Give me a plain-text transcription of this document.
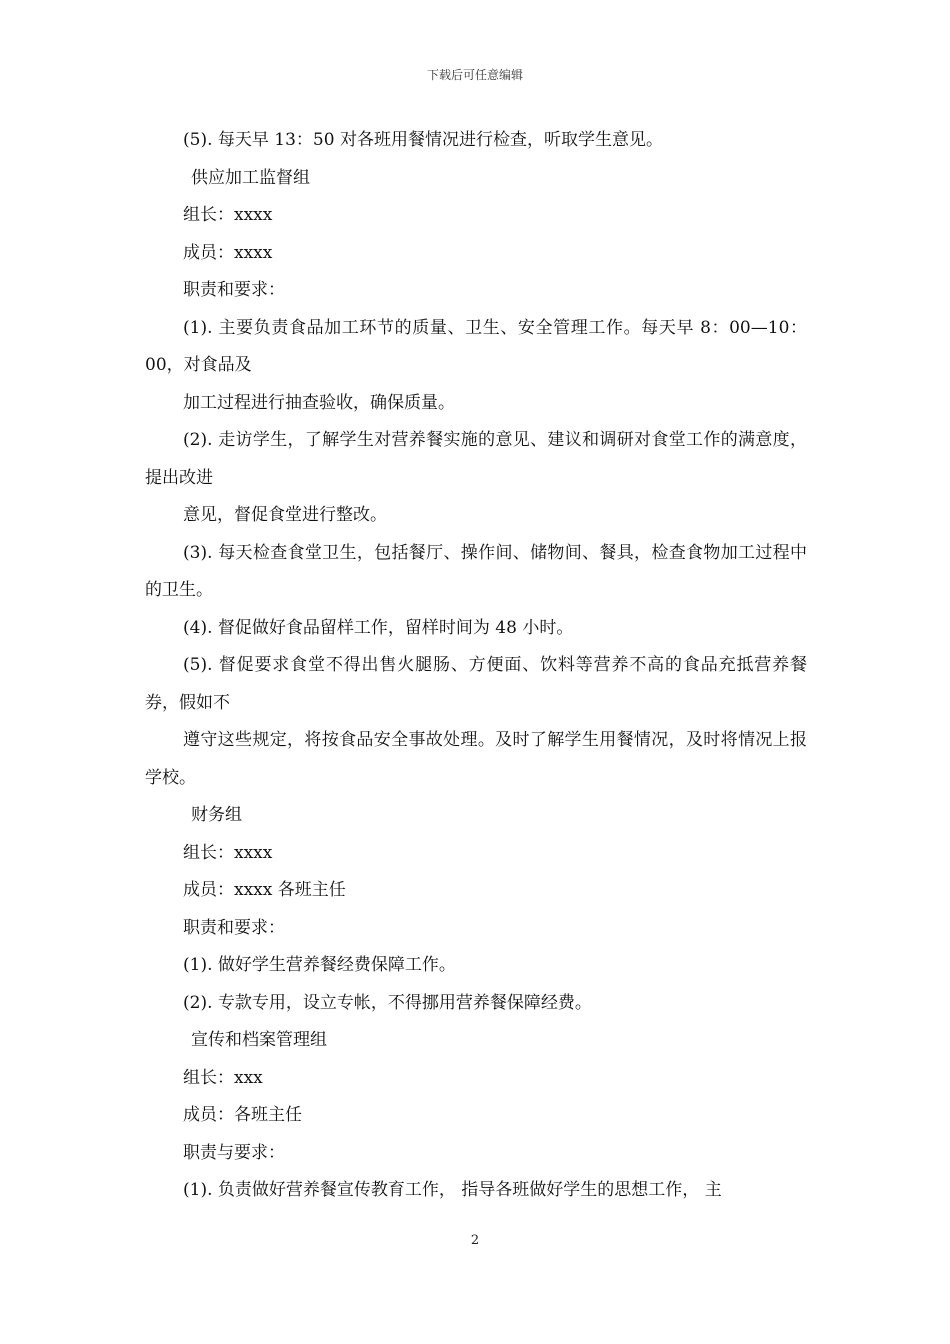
下载后可任意编辑

(5). 每天早 13：50 对各班用餐情况进行检查，听取学生意见。

供应加工监督组

组长：xxxx

成员：xxxx

职责和要求：

(1). 主要负责食品加工环节的质量、卫生、安全管理工作。每天早 8：00—10：00，对食品及

加工过程进行抽查验收，确保质量。

(2). 走访学生，了解学生对营养餐实施的意见、建议和调研对食堂工作的满意度，提出改进

意见，督促食堂进行整改。

(3). 每天检查食堂卫生，包括餐厅、操作间、储物间、餐具，检查食物加工过程中的卫生。

(4). 督促做好食品留样工作，留样时间为 48 小时。

(5). 督促要求食堂不得出售火腿肠、方便面、饮料等营养不高的食品充抵营养餐券，假如不

遵守这些规定，将按食品安全事故处理。及时了解学生用餐情况，及时将情况上报学校。

财务组

组长：xxxx

成员：xxxx 各班主任

职责和要求：

(1). 做好学生营养餐经费保障工作。

(2). 专款专用，设立专帐，不得挪用营养餐保障经费。

宣传和档案管理组

组长：xxx

成员：各班主任

职责与要求：

(1). 负责做好营养餐宣传教育工作， 指导各班做好学生的思想工作， 主

2
